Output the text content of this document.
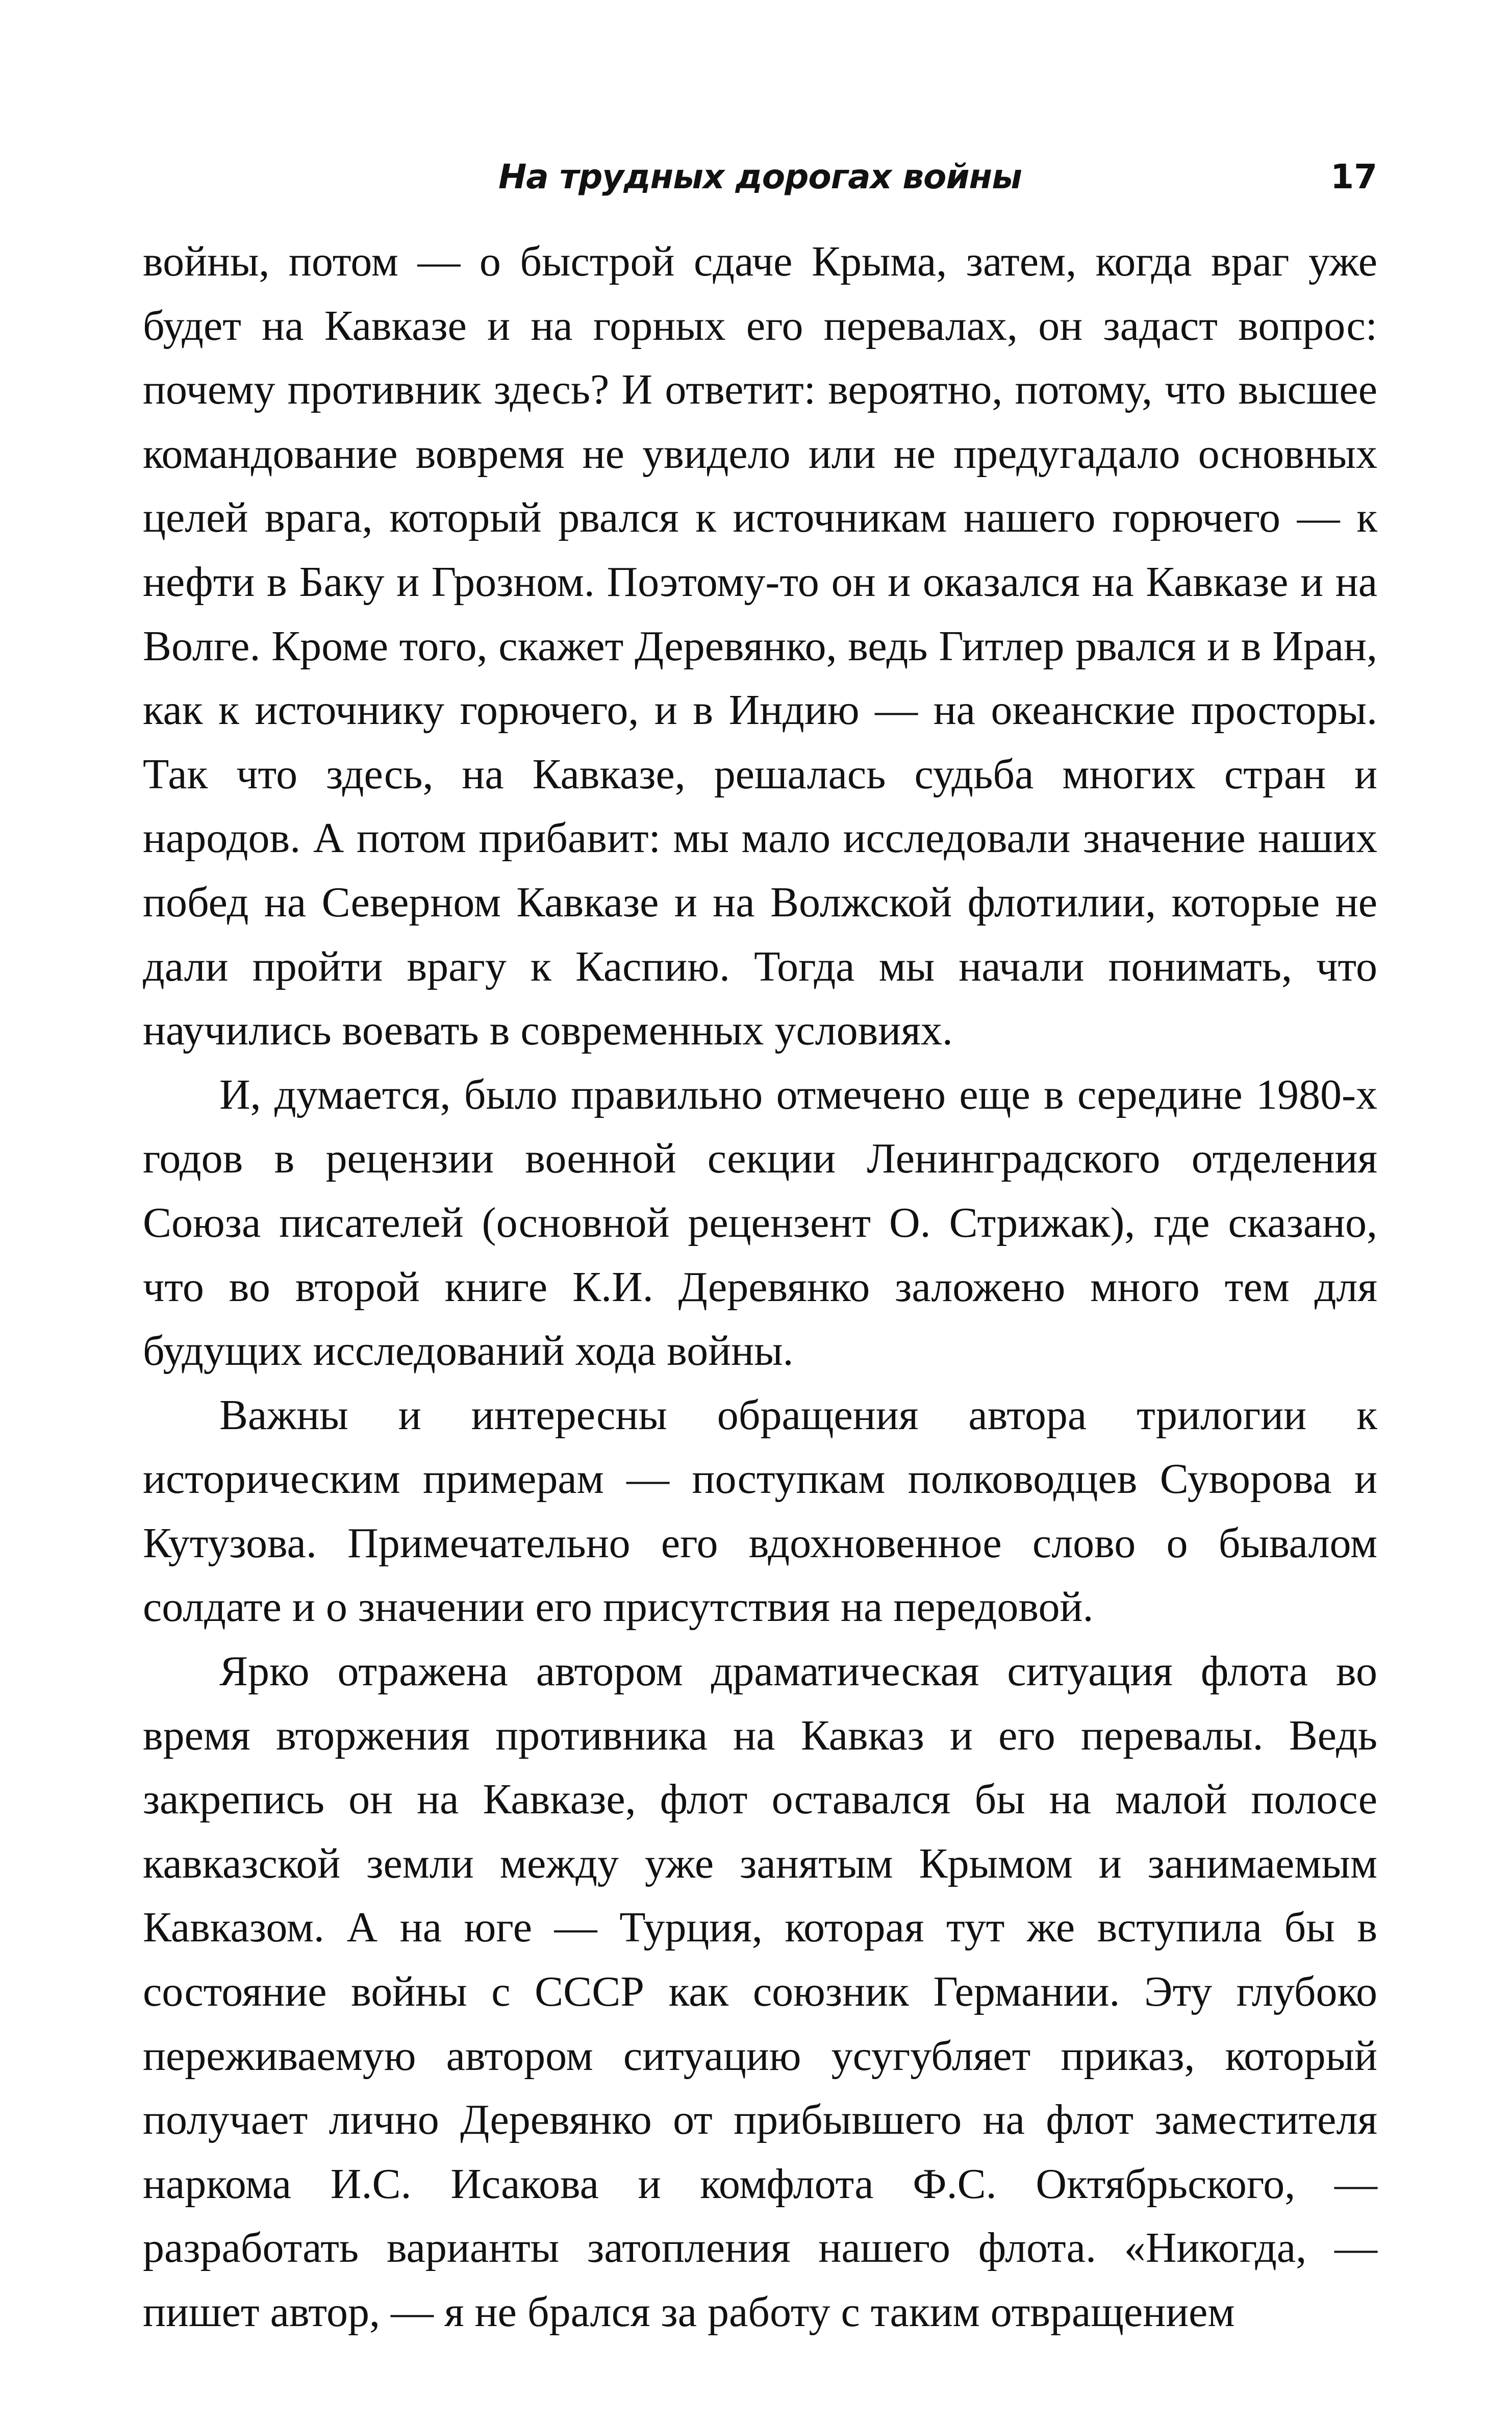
На трудных дорогах войны	17

войны, потом — о быстрой сдаче Крыма, затем, когда враг уже будет на Кавказе и на горных его перевалах, он задаст вопрос: почему противник здесь? И ответит: вероятно, потому, что высшее командование вовремя не увидело или не предугадало основных целей врага, который рвался к источникам нашего горючего — к нефти в Баку и Грозном. Поэтому-то он и оказался на Кавказе и на Волге. Кроме того, скажет Деревянко, ведь Гитлер рвался и в Иран, как к источнику горючего, и в Индию — на океанские просторы. Так что здесь, на Кавказе, решалась судьба многих стран и народов. А потом прибавит: мы мало исследовали значение наших побед на Северном Кавказе и на Волжской флотилии, которые не дали пройти врагу к Каспию. Тогда мы начали понимать, что научились воевать в современных условиях.

И, думается, было правильно отмечено еще в середине 1980-х годов в рецензии военной секции Ленинградского отделения Союза писателей (основной рецензент О. Стрижак), где сказано, что во второй книге К.И. Деревянко заложено много тем для будущих исследований хода войны.

Важны и интересны обращения автора трилогии к историческим примерам — поступкам полководцев Суворова и Кутузова. Примечательно его вдохновенное слово о бывалом солдате и о значении его присутствия на передовой.

Ярко отражена автором драматическая ситуация флота во время вторжения противника на Кавказ и его перевалы. Ведь закрепись он на Кавказе, флот оставался бы на малой полосе кавказской земли между уже занятым Крымом и занимаемым Кавказом. А на юге — Турция, которая тут же вступила бы в состояние войны с СССР как союзник Германии. Эту глубоко переживаемую автором ситуацию усугубляет приказ, который получает лично Деревянко от прибывшего на флот заместителя наркома И.С. Исакова и комфлота Ф.С. Октябрьского, — разработать варианты затопления нашего флота. «Никогда, — пишет автор, — я не брался за работу с таким отвращением
